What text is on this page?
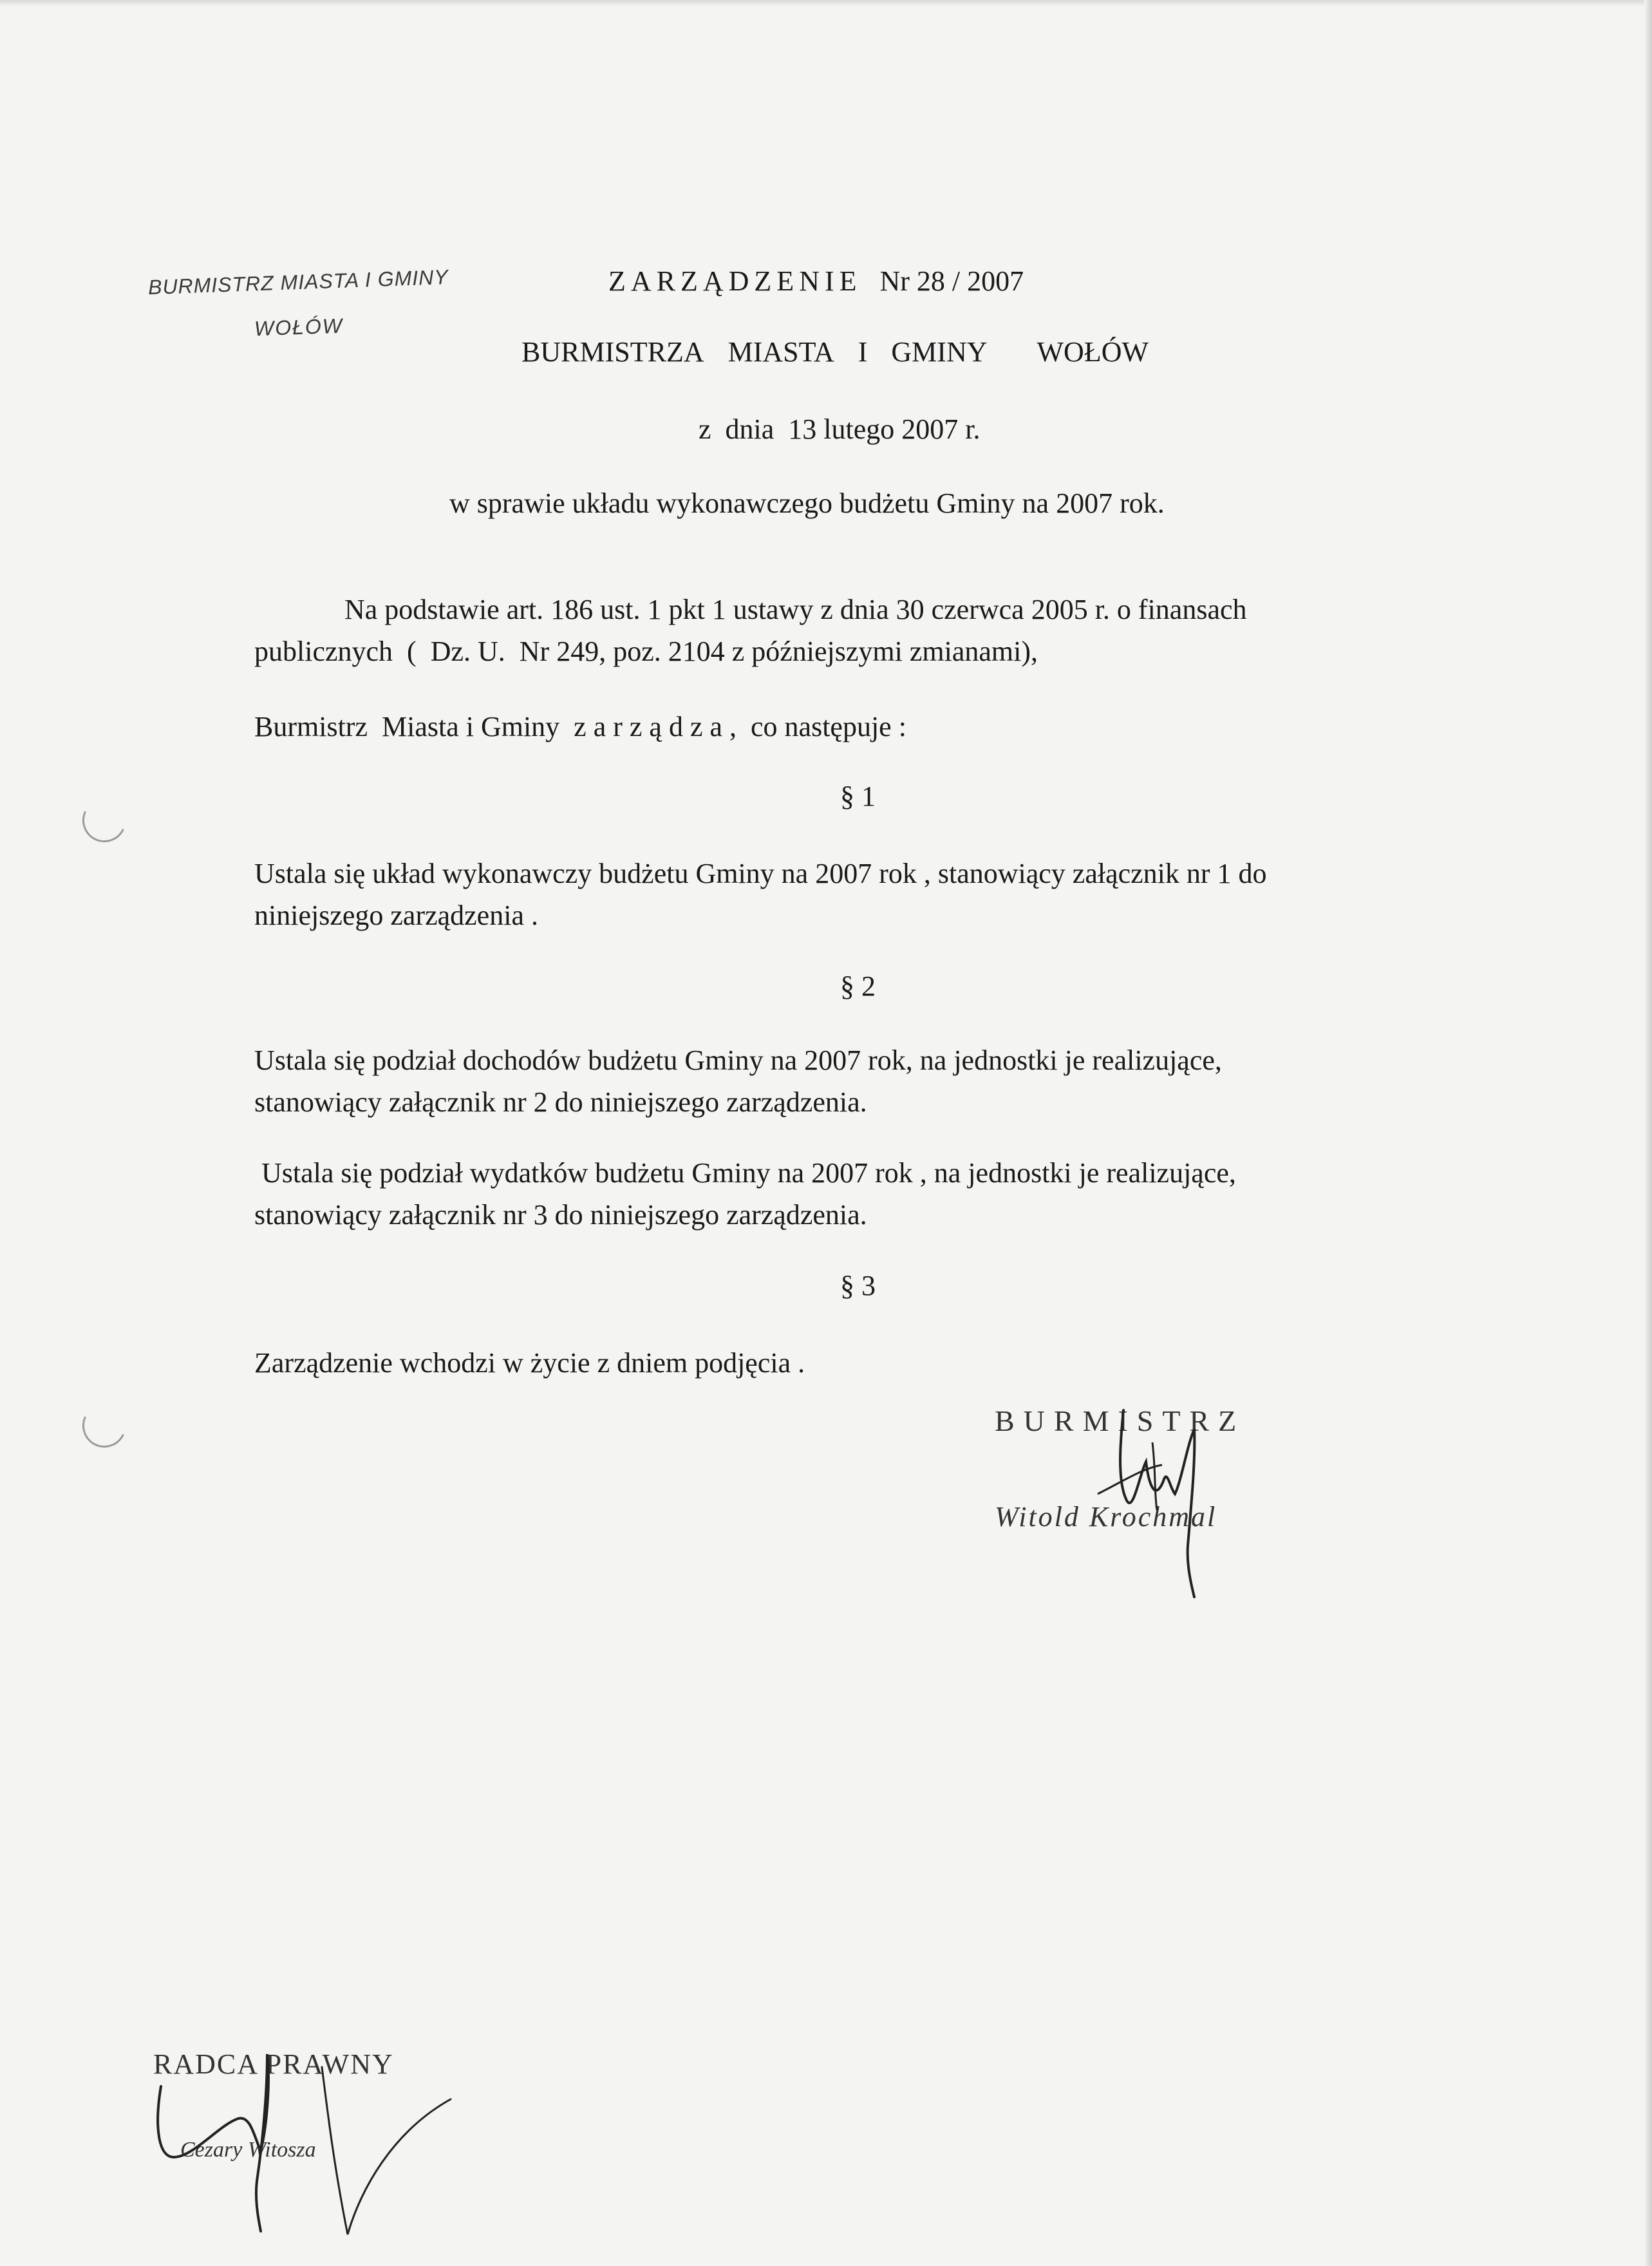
BURMISTRZ MIASTA I GMINY
WOŁÓW
ZARZĄDZENIE Nr 28 / 2007
BURMISTRZA MIASTA I GMINY WOŁÓW
z  dnia  13 lutego 2007 r.
w sprawie układu wykonawczego budżetu Gminy na 2007 rok.
Na podstawie art. 186 ust. 1 pkt 1 ustawy z dnia 30 czerwca 2005 r. o finansach
publicznych  (  Dz. U.  Nr 249, poz. 2104 z późniejszymi zmianami),
Burmistrz  Miasta i Gminy  z a r z ą d z a ,  co następuje :
§ 1
Ustala się układ wykonawczy budżetu Gminy na 2007 rok , stanowiący załącznik nr 1 do
niniejszego zarządzenia .
§ 2
Ustala się podział dochodów budżetu Gminy na 2007 rok, na jednostki je realizujące,
stanowiący załącznik nr 2 do niniejszego zarządzenia.
Ustala się podział wydatków budżetu Gminy na 2007 rok , na jednostki je realizujące,
stanowiący załącznik nr 3 do niniejszego zarządzenia.
§ 3
Zarządzenie wchodzi w życie z dniem podjęcia .
BURMISTRZ
Witold Krochmal
RADCA PRAWNY
Cezary Witosza
